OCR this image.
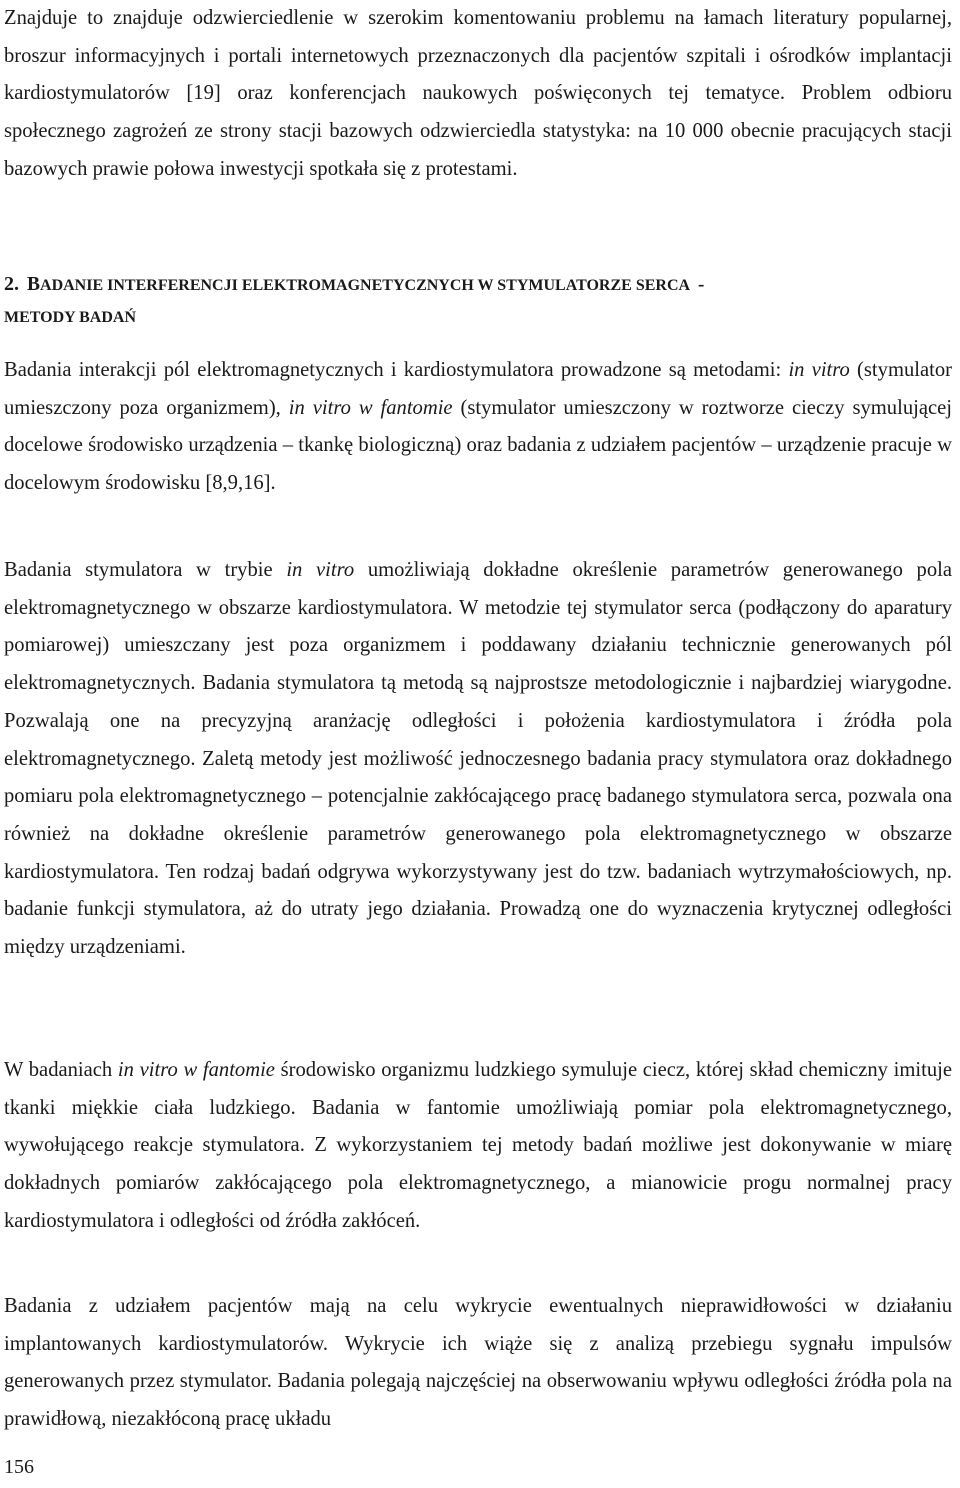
Znajduje to znajduje odzwierciedlenie w szerokim komentowaniu problemu na łamach literatury popularnej, broszur informacyjnych i portali internetowych przeznaczonych dla pacjentów szpitali i ośrodków implantacji kardiostymulatorów [19] oraz konferencjach naukowych poświęconych tej tematyce. Problem odbioru społecznego zagrożeń ze strony stacji bazowych odzwierciedla statystyka: na 10 000 obecnie pracujących stacji bazowych prawie połowa inwestycji spotkała się z protestami.

2. BADANIE INTERFERENCJI ELEKTROMAGNETYCZNYCH W STYMULATORZE SERCA -
METODY BADAŃ

Badania interakcji pól elektromagnetycznych i kardiostymulatora prowadzone są metodami: in vitro (stymulator umieszczony poza organizmem), in vitro w fantomie (stymulator umieszczony w roztworze cieczy symulującej docelowe środowisko urządzenia – tkankę biologiczną) oraz badania z udziałem pacjentów – urządzenie pracuje w docelowym środowisku [8,9,16].

Badania stymulatora w trybie in vitro umożliwiają dokładne określenie parametrów generowanego pola elektromagnetycznego w obszarze kardiostymulatora. W metodzie tej stymulator serca (podłączony do aparatury pomiarowej) umieszczany jest poza organizmem i poddawany działaniu technicznie generowanych pól elektromagnetycznych. Badania stymulatora tą metodą są najprostsze metodologicznie i najbardziej wiarygodne. Pozwalają one na precyzyjną aranżację odległości i położenia kardiostymulatora i źródła pola elektromagnetycznego. Zaletą metody jest możliwość jednoczesnego badania pracy stymulatora oraz dokładnego pomiaru pola elektromagnetycznego – potencjalnie zakłócającego pracę badanego stymulatora serca, pozwala ona również na dokładne określenie parametrów generowanego pola elektromagnetycznego w obszarze kardiostymulatora. Ten rodzaj badań odgrywa wykorzystywany jest do tzw. badaniach wytrzymałościowych, np. badanie funkcji stymulatora, aż do utraty jego działania. Prowadzą one do wyznaczenia krytycznej odległości między urządzeniami.

W badaniach in vitro w fantomie środowisko organizmu ludzkiego symuluje ciecz, której skład chemiczny imituje tkanki miękkie ciała ludzkiego. Badania w fantomie umożliwiają pomiar pola elektromagnetycznego, wywołującego reakcje stymulatora. Z wykorzystaniem tej metody badań możliwe jest dokonywanie w miarę dokładnych pomiarów zakłócającego pola elektromagnetycznego, a mianowicie progu normalnej pracy kardiostymulatora i odległości od źródła zakłóceń.

Badania z udziałem pacjentów mają na celu wykrycie ewentualnych nieprawidłowości w działaniu implantowanych kardiostymulatorów. Wykrycie ich wiąże się z analizą przebiegu sygnału impulsów generowanych przez stymulator. Badania polegają najczęściej na obserwowaniu wpływu odległości źródła pola na prawidłową, niezakłóconą pracę układu

156
